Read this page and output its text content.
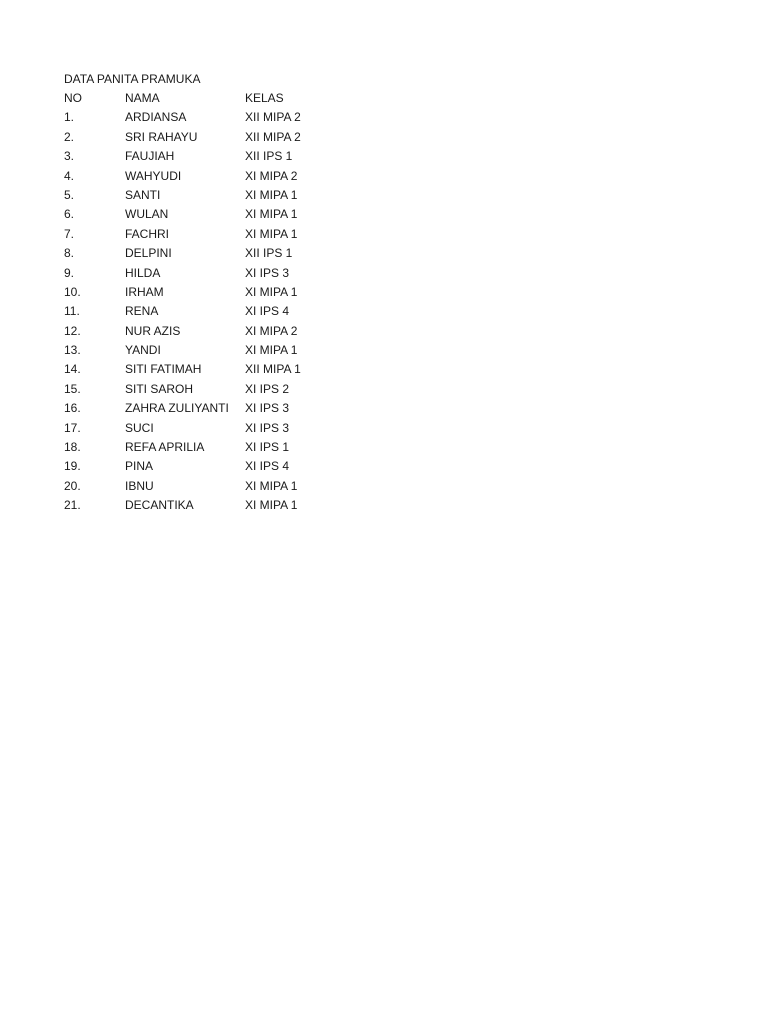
DATA PANITA PRAMUKA
NO	NAMA	KELAS
1.	ARDIANSA	XII MIPA 2
2.	SRI RAHAYU	XII MIPA 2
3.	FAUJIAH	XII IPS 1
4.	WAHYUDI	XI MIPA 2
5.	SANTI	XI MIPA 1
6.	WULAN	XI MIPA 1
7.	FACHRI	XI MIPA 1
8.	DELPINI	XII IPS 1
9.	HILDA	XI IPS 3
10.	IRHAM	XI MIPA 1
11.	RENA	XI IPS 4
12.	NUR AZIS	XI MIPA 2
13.	YANDI	XI MIPA 1
14.	SITI FATIMAH	XII MIPA 1
15.	SITI SAROH	XI IPS 2
16.	ZAHRA ZULIYANTI	XI IPS 3
17.	SUCI	XI IPS 3
18.	REFA APRILIA	XI IPS 1
19.	PINA	XI IPS 4
20.	IBNU	XI MIPA 1
21.	DECANTIKA	XI MIPA 1
